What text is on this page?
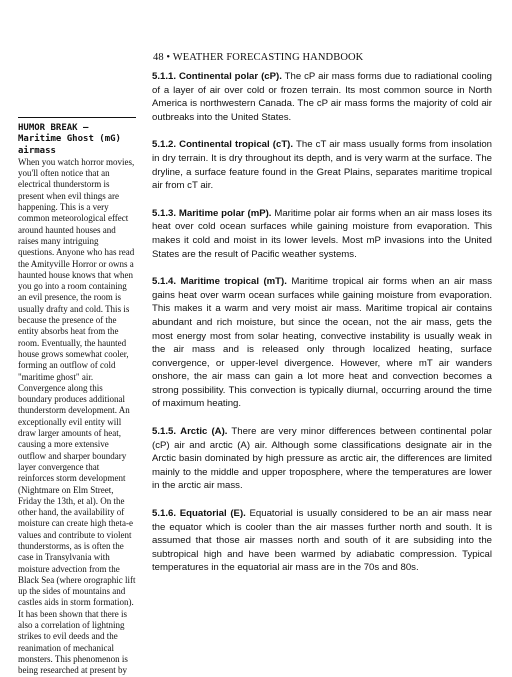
48 • WEATHER FORECASTING HANDBOOK
HUMOR BREAK —
Maritime Ghost (mG)
airmass
When you watch horror movies, you'll often notice that an electrical thunderstorm is present when evil things are happening. This is a very common meteorological effect around haunted houses and raises many intriguing questions. Anyone who has read the Amityville Horror or owns a haunted house knows that when you go into a room containing an evil presence, the room is usually drafty and cold. This is because the presence of the entity absorbs heat from the room. Eventually, the haunted house grows somewhat cooler, forming an outflow of cold "maritime ghost" air. Convergence along this boundary produces additional thunderstorm development. An exceptionally evil entity will draw larger amounts of heat, causing a more extensive outflow and sharper boundary layer convergence that reinforces storm development (Nightmare on Elm Street, Friday the 13th, et al). On the other hand, the availability of moisture can create high theta-e values and contribute to violent thunderstorms, as is often the case in Transylvania with moisture advection from the Black Sea (where orographic lift up the sides of mountains and castles aids in storm formation). It has been shown that there is also a correlation of lightning strikes to evil deeds and the reanimation of mechanical monsters. This phenomenon is being researched at present by

5.1.1. Continental polar (cP). The cP air mass forms due to radiational cooling of a layer of air over cold or frozen terrain. Its most common source in North America is northwestern Canada. The cP air mass forms the majority of cold air outbreaks into the United States.

5.1.2. Continental tropical (cT). The cT air mass usually forms from insolation in dry terrain. It is dry throughout its depth, and is very warm at the surface. The dryline, a surface feature found in the Great Plains, separates maritime tropical air from cT air.

5.1.3. Maritime polar (mP). Maritime polar air forms when an air mass loses its heat over cold ocean surfaces while gaining moisture from evaporation. This makes it cold and moist in its lower levels. Most mP invasions into the United States are the result of Pacific weather systems.

5.1.4. Maritime tropical (mT). Maritime tropical air forms when an air mass gains heat over warm ocean surfaces while gaining moisture from evaporation. This makes it a warm and very moist air mass. Maritime tropical air contains abundant and rich moisture, but since the ocean, not the air mass, gets the most energy most from solar heating, convective instability is usually weak in the air mass and is released only through localized heating, surface convergence, or upper-level divergence. However, where mT air wanders onshore, the air mass can gain a lot more heat and convection becomes a strong possibility. This convection is typically diurnal, occurring around the time of maximum heating.

5.1.5. Arctic (A). There are very minor differences between continental polar (cP) air and arctic (A) air. Although some classifications designate air in the Arctic basin dominated by high pressure as arctic air, the differences are limited mainly to the middle and upper troposphere, where the temperatures are lower in the arctic air mass.

5.1.6. Equatorial (E). Equatorial is usually considered to be an air mass near the equator which is cooler than the air masses further north and south. It is assumed that those air masses north and south of it are subsiding into the subtropical high and have been warmed by adiabatic compression. Typical temperatures in the equatorial air mass are in the 70s and 80s.
